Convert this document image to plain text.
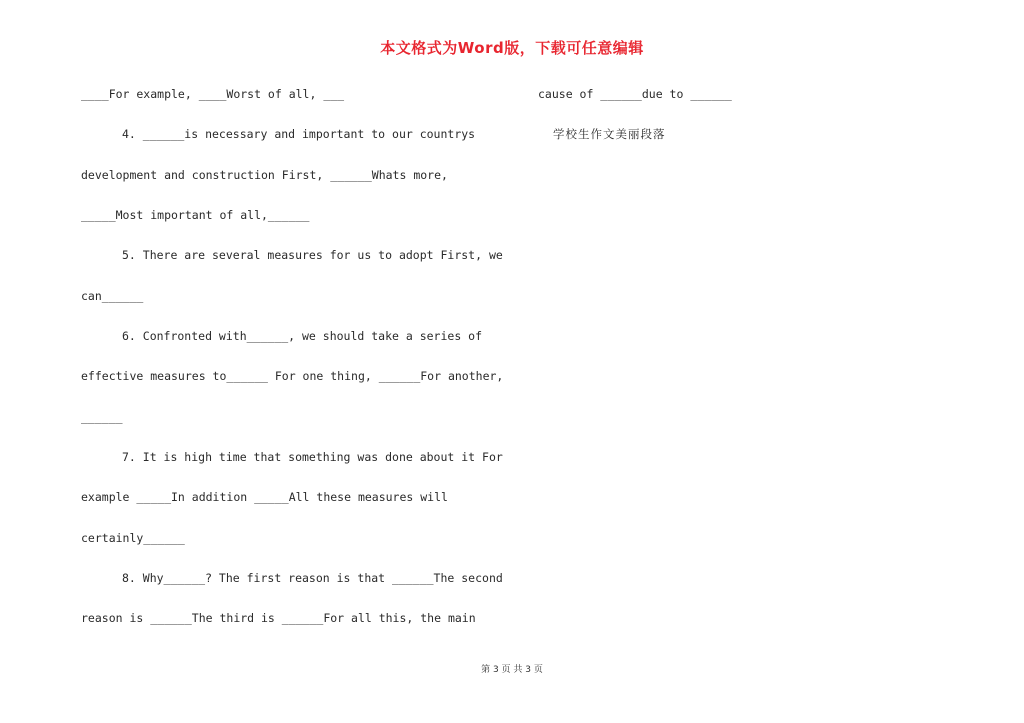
本文格式为Word版，下载可任意编辑
____For example, ____Worst of all, ___
4. ______is necessary and important to our countrys
development and construction First, ______Whats more,
_____Most important of all,______
5. There are several measures for us to adopt First, we
can______
6. Confronted with______, we should take a series of
effective measures to______ For one thing, ______For another,
______
7. It is high time that something was done about it For
example _____In addition _____All these measures will
certainly______
8. Why______? The first reason is that ______The second
reason is ______The third is ______For all this, the main
cause of ______due to ______
学校生作文美丽段落
第 3 页 共 3 页
